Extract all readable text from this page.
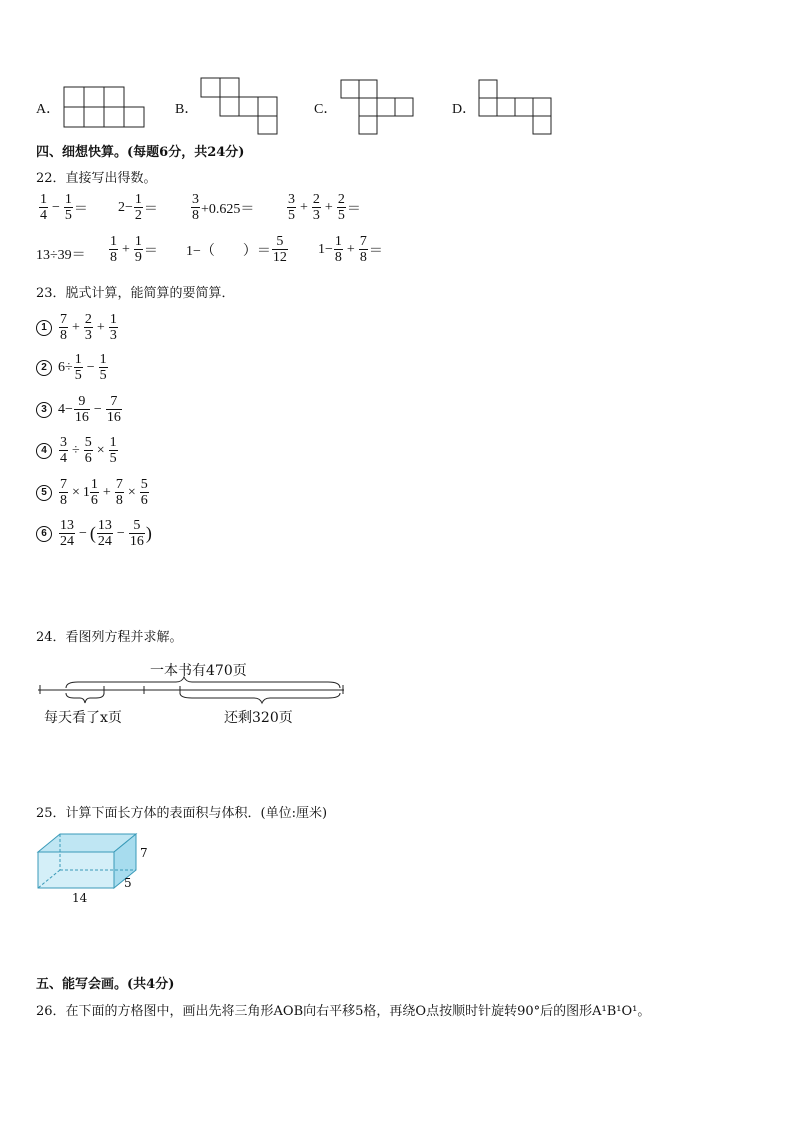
A．	B．	C．	D．
四、细想快算。(每题6分，共24分)
22．直接写出得数。
$\frac{1}{4} - \frac{1}{5} = 2- \frac{1}{2} = \frac{3}{8} +0.625= \frac{3}{5} + \frac{2}{3} + \frac{2}{5}$ ＝
$13\div 39= \frac{1}{8} + \frac{1}{9} = 1-$（　　）＝ $\frac{5}{12} 1- \frac{1}{8} + \frac{7}{8}$ ＝
23．脱式计算，能简算的要简算．
$1 \frac{7}{8} + \frac{2}{3} + \frac{1}{3}$
2 $6\div \frac{1}{5} - \frac{1}{5}$
3 $4- \frac{9}{16} - \frac{7}{16}$
$4 \frac{3}{4} \div \frac{5}{6} \times \frac{1}{5}$
$5 \frac{7}{8} \times 1 \frac{1}{6} + \frac{7}{8} \times \frac{5}{6}$
$6 \frac{13}{24}$ − ( $\frac{13}{24} - \frac{5}{16}$ )
24．看图列方程并求解。
一本书有470页
每天看了x页	还剩320页
25．计算下面长方体的表面积与体积．(单位:厘米)
7
5
14
五、能写会画。(共4分)
26．在下面的方格图中，画出先将三角形AOB向右平移5格，再绕O点按顺时针旋转90°后的图形A¹B¹O¹。
